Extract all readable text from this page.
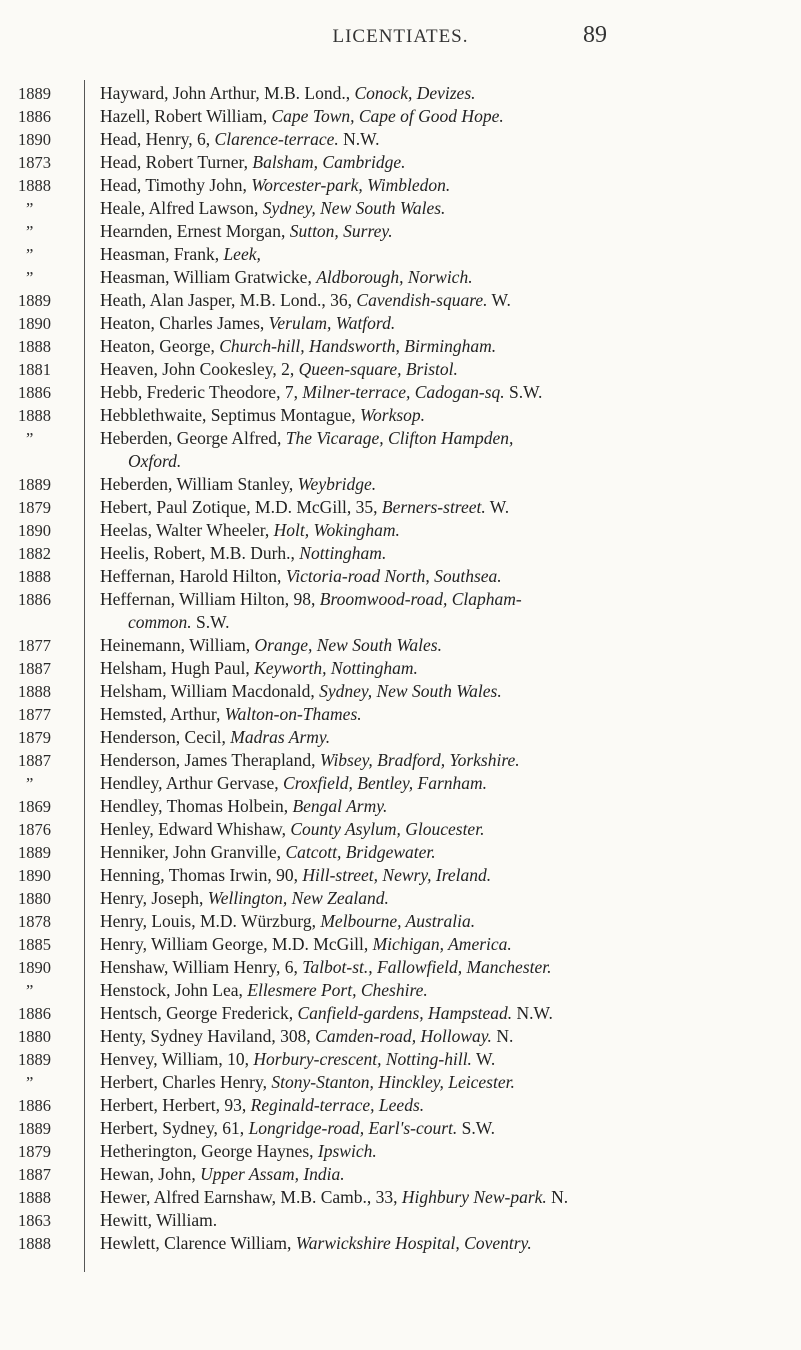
LICENTIATES.	89
1889	Hayward, John Arthur, M.B. Lond., Conock, Devizes.
1886	Hazell, Robert William, Cape Town, Cape of Good Hope.
1890	Head, Henry, 6, Clarence-terrace. N.W.
1873	Head, Robert Turner, Balsham, Cambridge.
1888	Head, Timothy John, Worcester-park, Wimbledon.
”	Heale, Alfred Lawson, Sydney, New South Wales.
”	Hearnden, Ernest Morgan, Sutton, Surrey.
”	Heasman, Frank, Leek,
”	Heasman, William Gratwicke, Aldborough, Norwich.
1889	Heath, Alan Jasper, M.B. Lond., 36, Cavendish-square. W.
1890	Heaton, Charles James, Verulam, Watford.
1888	Heaton, George, Church-hill, Handsworth, Birmingham.
1881	Heaven, John Cookesley, 2, Queen-square, Bristol.
1886	Hebb, Frederic Theodore, 7, Milner-terrace, Cadogan-sq. S.W.
1888	Hebblethwaite, Septimus Montague, Worksop.
”	Heberden, George Alfred, The Vicarage, Clifton Hampden,
Oxford.
1889	Heberden, William Stanley, Weybridge.
1879	Hebert, Paul Zotique, M.D. McGill, 35, Berners-street. W.
1890	Heelas, Walter Wheeler, Holt, Wokingham.
1882	Heelis, Robert, M.B. Durh., Nottingham.
1888	Heffernan, Harold Hilton, Victoria-road North, Southsea.
1886	Heffernan, William Hilton, 98, Broomwood-road, Clapham-
common. S.W.
1877	Heinemann, William, Orange, New South Wales.
1887	Helsham, Hugh Paul, Keyworth, Nottingham.
1888	Helsham, William Macdonald, Sydney, New South Wales.
1877	Hemsted, Arthur, Walton-on-Thames.
1879	Henderson, Cecil, Madras Army.
1887	Henderson, James Therapland, Wibsey, Bradford, Yorkshire.
”	Hendley, Arthur Gervase, Croxfield, Bentley, Farnham.
1869	Hendley, Thomas Holbein, Bengal Army.
1876	Henley, Edward Whishaw, County Asylum, Gloucester.
1889	Henniker, John Granville, Catcott, Bridgewater.
1890	Henning, Thomas Irwin, 90, Hill-street, Newry, Ireland.
1880	Henry, Joseph, Wellington, New Zealand.
1878	Henry, Louis, M.D. Würzburg, Melbourne, Australia.
1885	Henry, William George, M.D. McGill, Michigan, America.
1890	Henshaw, William Henry, 6, Talbot-st., Fallowfield, Manchester.
”	Henstock, John Lea, Ellesmere Port, Cheshire.
1886	Hentsch, George Frederick, Canfield-gardens, Hampstead. N.W.
1880	Henty, Sydney Haviland, 308, Camden-road, Holloway. N.
1889	Henvey, William, 10, Horbury-crescent, Notting-hill. W.
”	Herbert, Charles Henry, Stony-Stanton, Hinckley, Leicester.
1886	Herbert, Herbert, 93, Reginald-terrace, Leeds.
1889	Herbert, Sydney, 61, Longridge-road, Earl's-court. S.W.
1879	Hetherington, George Haynes, Ipswich.
1887	Hewan, John, Upper Assam, India.
1888	Hewer, Alfred Earnshaw, M.B. Camb., 33, Highbury New-park. N.
1863	Hewitt, William.
1888	Hewlett, Clarence William, Warwickshire Hospital, Coventry.
